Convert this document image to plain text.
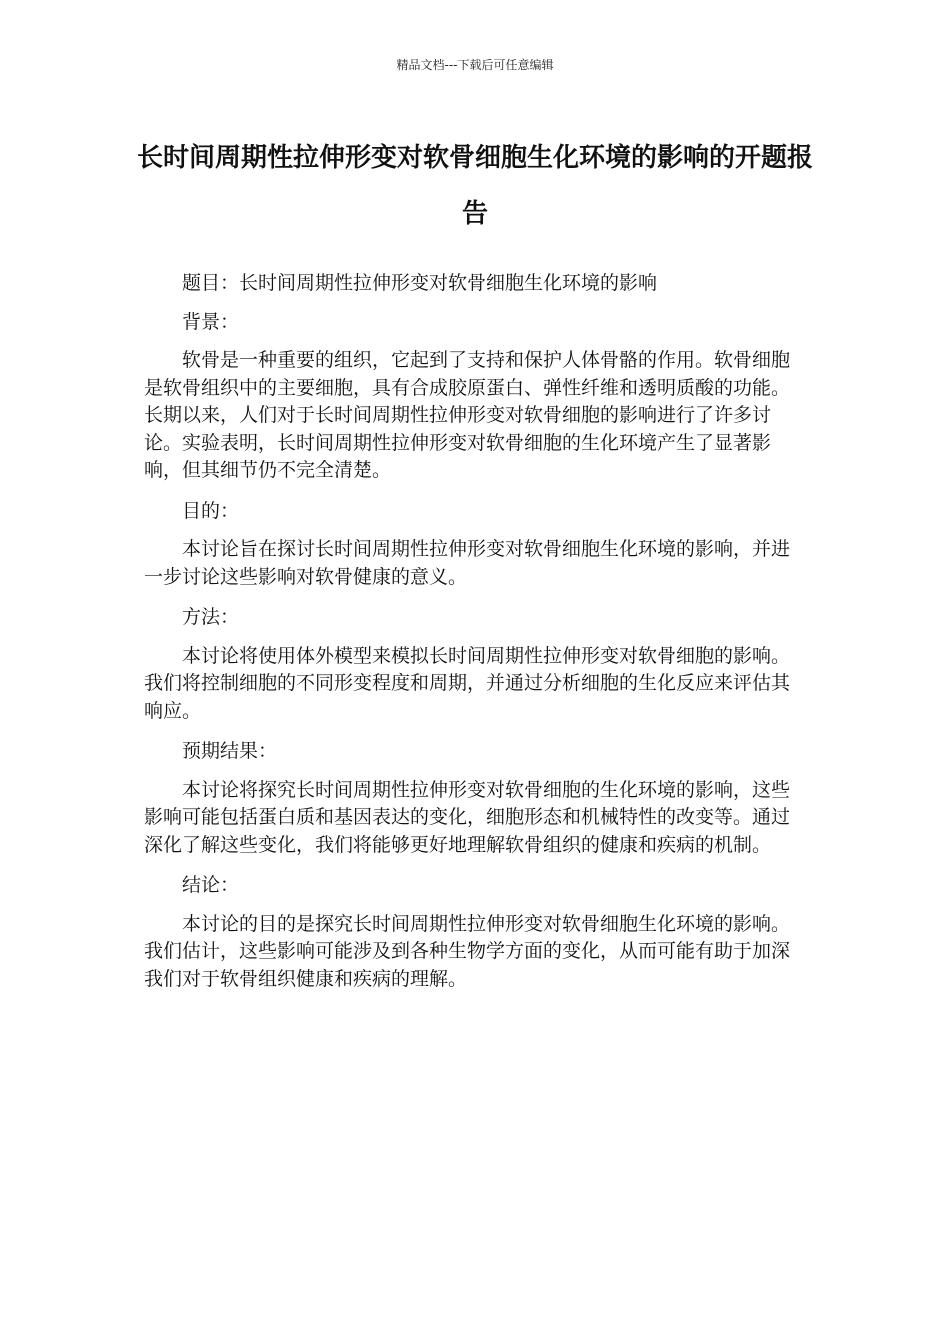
精品文档---下载后可任意编辑
长时间周期性拉伸形变对软骨细胞生化环境的影响的开题报告

题目：长时间周期性拉伸形变对软骨细胞生化环境的影响

背景：

软骨是一种重要的组织，它起到了支持和保护人体骨骼的作用。软骨细胞是软骨组织中的主要细胞，具有合成胶原蛋白、弹性纤维和透明质酸的功能。长期以来，人们对于长时间周期性拉伸形变对软骨细胞的影响进行了许多讨论。实验表明，长时间周期性拉伸形变对软骨细胞的生化环境产生了显著影响，但其细节仍不完全清楚。

目的：

本讨论旨在探讨长时间周期性拉伸形变对软骨细胞生化环境的影响，并进一步讨论这些影响对软骨健康的意义。

方法：

本讨论将使用体外模型来模拟长时间周期性拉伸形变对软骨细胞的影响。我们将控制细胞的不同形变程度和周期，并通过分析细胞的生化反应来评估其响应。

预期结果：

本讨论将探究长时间周期性拉伸形变对软骨细胞的生化环境的影响，这些影响可能包括蛋白质和基因表达的变化，细胞形态和机械特性的改变等。通过深化了解这些变化，我们将能够更好地理解软骨组织的健康和疾病的机制。

结论：

本讨论的目的是探究长时间周期性拉伸形变对软骨细胞生化环境的影响。我们估计，这些影响可能涉及到各种生物学方面的变化，从而可能有助于加深我们对于软骨组织健康和疾病的理解。
